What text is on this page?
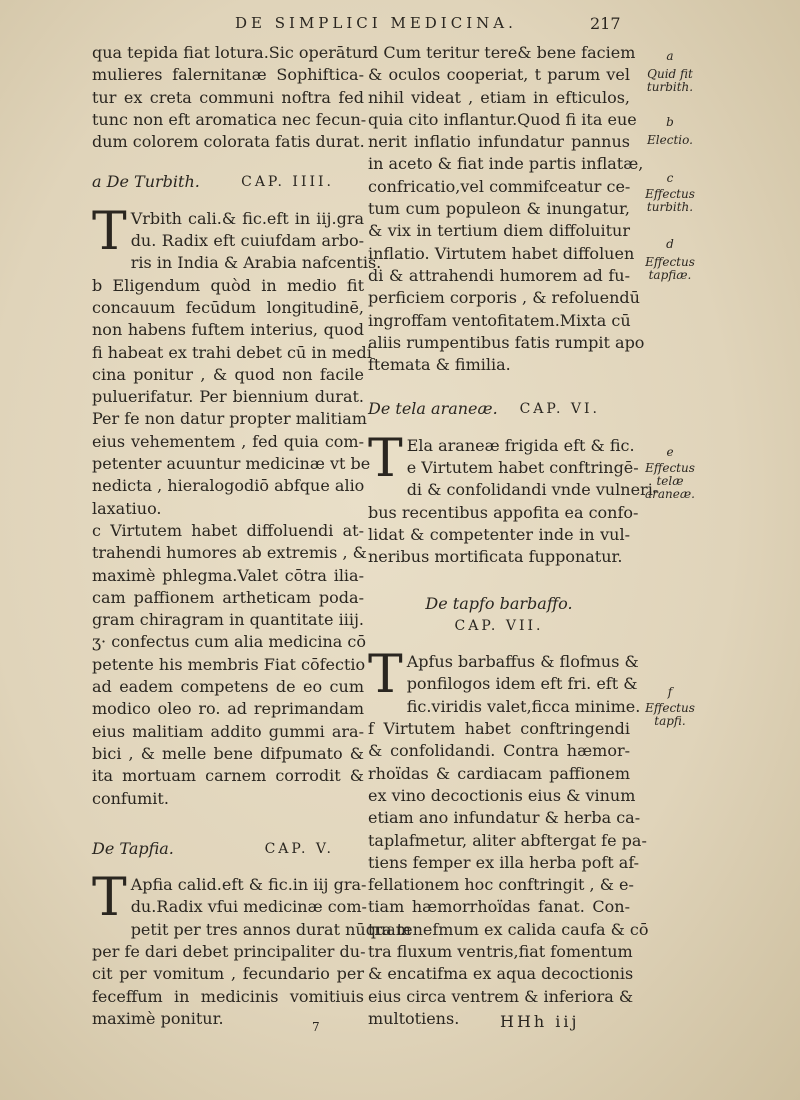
DE SIMPLICI MEDICINA.	217
qua tepida fiat lotura.Sic operātur
mulieres falernitanæ Sophiftica-
tur ex creta communi noftra fed
tunc non eft aromatica nec fecun-
dum colorem colorata fatis durat.
a De Turbith.	CAP. IIII.
T Vrbith cali.& fic.eft in iij.gra
du. Radix eft cuiufdam arbo-
ris in India & Arabia nafcentis.
b Eligendum quòd in medio fit
concauum fecūdum longitudinē,
non habens fuftem interius, quod
fi habeat ex trahi debet cū in medi
cina ponitur , & quod non facile
puluerifatur. Per biennium durat.
Per fe non datur propter malitiam
eius vehementem , fed quia com-
petenter acuuntur medicinæ vt be
nedicta , hieralogodiō abfque alio
laxatiuo.
c Virtutem habet diffoluendi at-
trahendi humores ab extremis , &
maximè phlegma.Valet cōtra ilia-
cam paffionem artheticam poda-
gram chiragram in quantitate iiij.
ʒ· confectus cum alia medicina cō
petente his membris Fiat cōfectio
ad eadem competens de eo cum
modico oleo ro. ad reprimandam
eius malitiam addito gummi ara-
bici , & melle bene difpumato &
ita mortuam carnem corrodit &
confumit.
De Tapfia.	CAP. V.
T Apfia calid.eft & fic.in iij gra-
du.Radix vfui medicinæ com-
petit per tres annos durat nūquam
per fe dari debet principaliter du-
cit per vomitum , fecundario per
feceffum in medicinis vomitiuis
maximè ponitur.
d Cum teritur tere& bene faciem
& oculos cooperiat, t parum vel
nihil videat , etiam in efticulos,
quia cito inflantur.Quod fi ita eue
nerit inflatio infundatur pannus
in aceto & fiat inde partis inflatæ,
confricatio,vel commifceatur ce-
tum cum populeon & inungatur,
& vix in tertium diem diffoluitur
inflatio. Virtutem habet diffoluen
di & attrahendi humorem ad fu-
perficiem corporis , & refoluendū
ingroffam ventofitatem.Mixta cū
aliis rumpentibus fatis rumpit apo
ftemata & fimilia.
De tela araneæ. CAP. VI.
T Ela araneæ frigida eft & fic.
e Virtutem habet conftringē-
di & confolidandi vnde vulneri-
bus recentibus appofita ea confo-
lidat & competenter inde in vul-
neribus mortificata fupponatur.
De tapfo barbaffo.
CAP. VII.
T Apfus barbaffus & flofmus &
ponfilogos idem eft fri. eft &
fic.viridis valet,ficca minime.
f Virtutem habet conftringendi
& confolidandi. Contra hæmor-
rhoïdas & cardiacam paffionem
ex vino decoctionis eius & vinum
etiam ano infundatur & herba ca-
taplafmetur, aliter abftergat fe pa-
tiens femper ex illa herba poft af-
fellationem hoc conftringit , & e-
tiam hæmorrhoïdas fanat. Con-
tra tenefmum ex calida caufa & cō
tra fluxum ventris,fiat fomentum
& encatifma ex aqua decoctionis
eius circa ventrem & inferiora &
multotiens.
a
Quid fit turbith.
b
Electio.
c
Effectus turbith.
d
Effectus tapfiæ.
e
Effectus telæ araneæ.
f
Effectus tapfi.
7	HHh iij
